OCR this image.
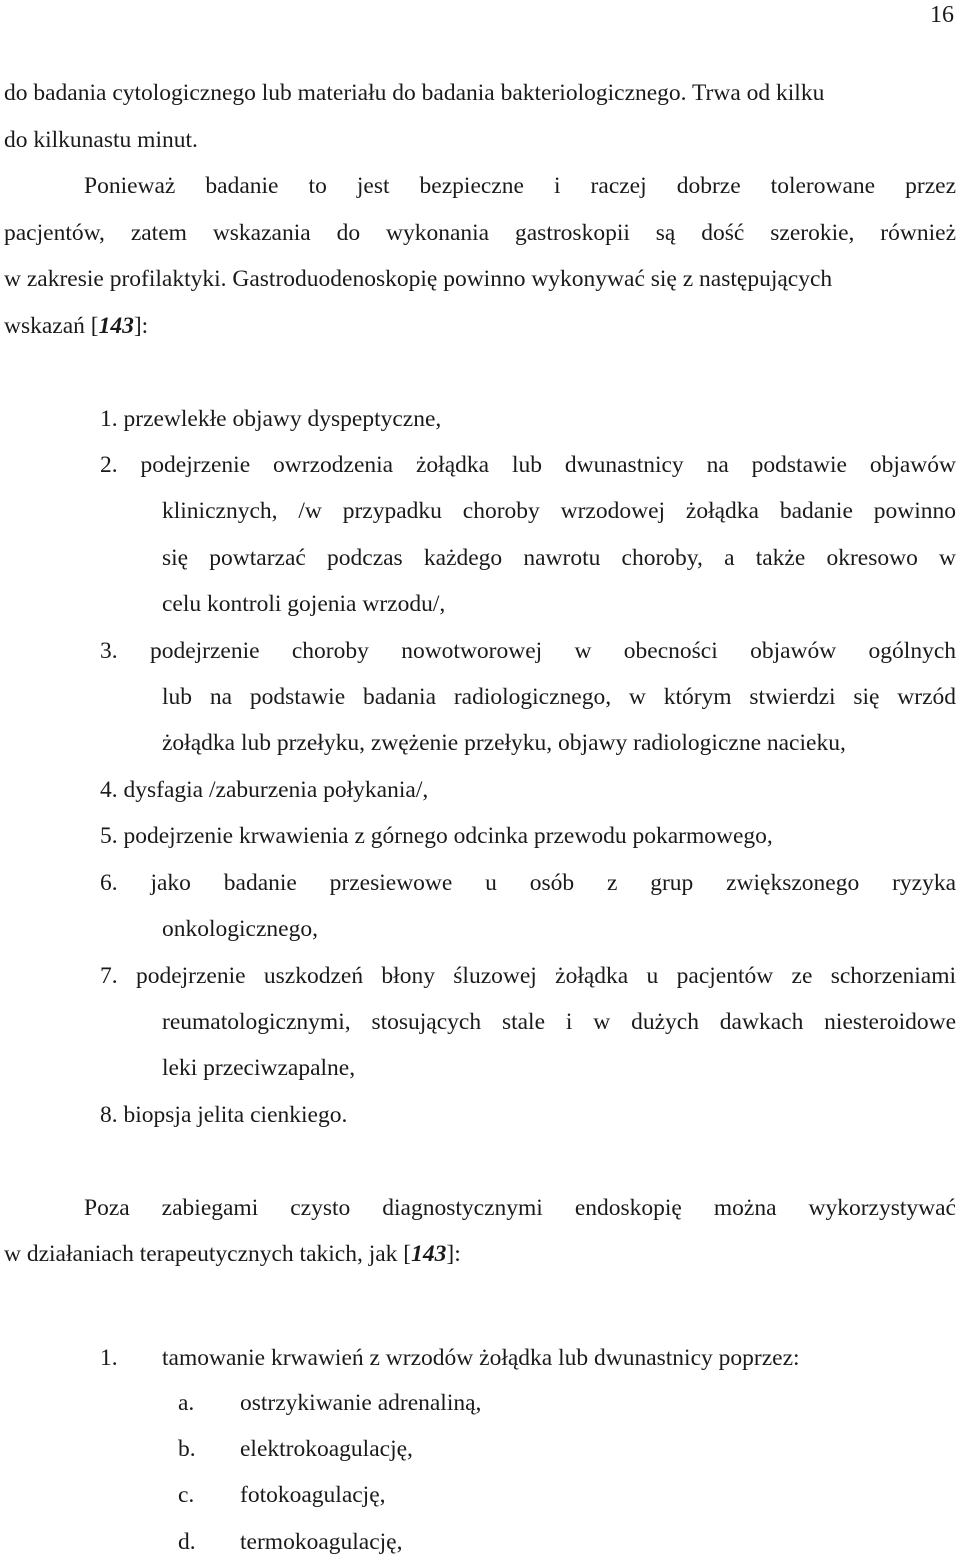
16
do badania cytologicznego lub materiału do badania bakteriologicznego. Trwa od kilku
do kilkunastu minut.
Ponieważ badanie to jest bezpieczne i raczej dobrze tolerowane przez
pacjentów, zatem wskazania do wykonania gastroskopii są dość szerokie, również
w zakresie profilaktyki. Gastroduodenoskopię powinno wykonywać się z następujących
wskazań [143]:
1. przewlekłe objawy dyspeptyczne,
2. podejrzenie owrzodzenia żołądka lub dwunastnicy na podstawie objawów
klinicznych, /w przypadku choroby wrzodowej żołądka badanie powinno
się powtarzać podczas każdego nawrotu choroby, a także okresowo w
celu kontroli gojenia wrzodu/,
3. podejrzenie choroby nowotworowej w obecności objawów ogólnych
lub na podstawie badania radiologicznego, w którym stwierdzi się wrzód
żołądka lub przełyku, zwężenie przełyku, objawy radiologiczne nacieku,
4. dysfagia /zaburzenia połykania/,
5. podejrzenie krwawienia z górnego odcinka przewodu pokarmowego,
6. jako badanie przesiewowe u osób z grup zwiększonego ryzyka
onkologicznego,
7. podejrzenie uszkodzeń błony śluzowej żołądka u pacjentów ze schorzeniami
reumatologicznymi, stosujących stale i w dużych dawkach niesteroidowe
leki przeciwzapalne,
8. biopsja jelita cienkiego.
Poza zabiegami czysto diagnostycznymi endoskopię można wykorzystywać
w działaniach terapeutycznych takich, jak [143]:
1. tamowanie krwawień z wrzodów żołądka lub dwunastnicy poprzez:
a. ostrzykiwanie adrenaliną,
b. elektrokoagulację,
c. fotokoagulację,
d. termokoagulację,
